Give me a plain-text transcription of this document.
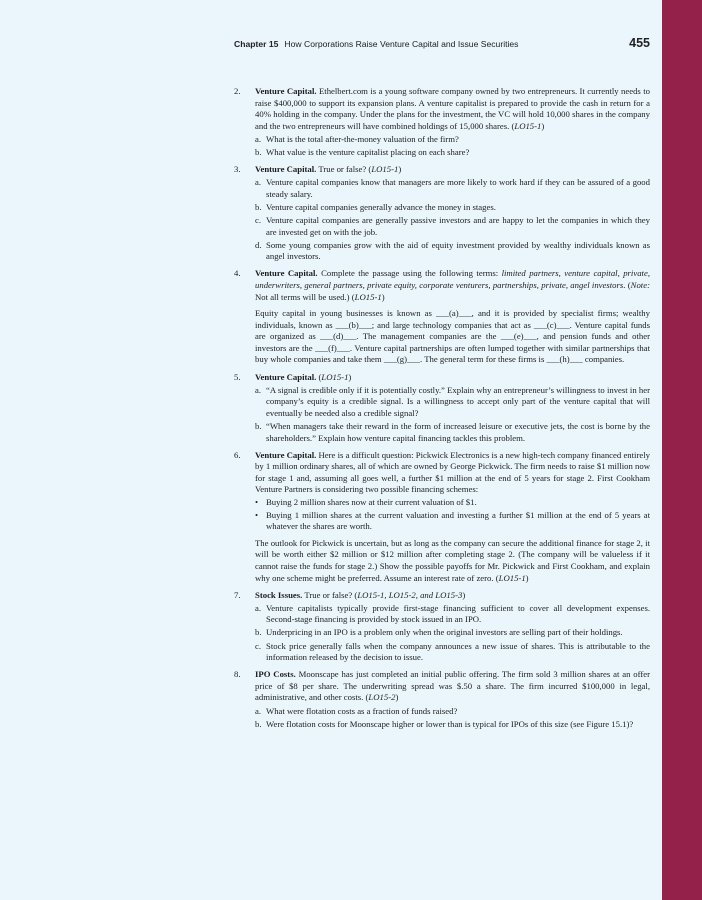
Chapter 15 How Corporations Raise Venture Capital and Issue Securities	455
2. Venture Capital. Ethelbert.com is a young software company owned by two entrepreneurs. It currently needs to raise $400,000 to support its expansion plans. A venture capitalist is prepared to provide the cash in return for a 40% holding in the company. Under the plans for the investment, the VC will hold 10,000 shares in the company and the two entrepreneurs will have combined holdings of 15,000 shares. (LO15-1)
a. What is the total after-the-money valuation of the firm?
b. What value is the venture capitalist placing on each share?
3. Venture Capital. True or false? (LO15-1)
a. Venture capital companies know that managers are more likely to work hard if they can be assured of a good steady salary.
b. Venture capital companies generally advance the money in stages.
c. Venture capital companies are generally passive investors and are happy to let the companies in which they are invested get on with the job.
d. Some young companies grow with the aid of equity investment provided by wealthy individuals known as angel investors.
4. Venture Capital. Complete the passage using the following terms: limited partners, venture capital, private, underwriters, general partners, private equity, corporate venturers, partnerships, private, angel investors. (Note: Not all terms will be used.) (LO15-1)
Equity capital in young businesses is known as ___(a)___, and it is provided by specialist firms; wealthy individuals, known as ___(b)___; and large technology companies that act as ___(c)___. Venture capital funds are organized as ___(d)___. The management companies are the ___(e)___, and pension funds and other investors are the ___(f)___. Venture capital partnerships are often lumped together with similar partnerships that buy whole companies and take them ___(g)___. The general term for these firms is ___(h)___ companies.
5. Venture Capital. (LO15-1)
a. “A signal is credible only if it is potentially costly.” Explain why an entrepreneur’s willingness to invest in her company’s equity is a credible signal. Is a willingness to accept only part of the venture capital that will eventually be needed also a credible signal?
b. “When managers take their reward in the form of increased leisure or executive jets, the cost is borne by the shareholders.” Explain how venture capital financing tackles this problem.
6. Venture Capital. Here is a difficult question: Pickwick Electronics is a new high-tech company financed entirely by 1 million ordinary shares, all of which are owned by George Pickwick. The firm needs to raise $1 million now for stage 1 and, assuming all goes well, a further $1 million at the end of 5 years for stage 2. First Cookham Venture Partners is considering two possible financing schemes:
• Buying 2 million shares now at their current valuation of $1.
• Buying 1 million shares at the current valuation and investing a further $1 million at the end of 5 years at whatever the shares are worth.
The outlook for Pickwick is uncertain, but as long as the company can secure the additional finance for stage 2, it will be worth either $2 million or $12 million after completing stage 2. (The company will be valueless if it cannot raise the funds for stage 2.) Show the possible payoffs for Mr. Pickwick and First Cookham, and explain why one scheme might be preferred. Assume an interest rate of zero. (LO15-1)
7. Stock Issues. True or false? (LO15-1, LO15-2, and LO15-3)
a. Venture capitalists typically provide first-stage financing sufficient to cover all development expenses. Second-stage financing is provided by stock issued in an IPO.
b. Underpricing in an IPO is a problem only when the original investors are selling part of their holdings.
c. Stock price generally falls when the company announces a new issue of shares. This is attributable to the information released by the decision to issue.
8. IPO Costs. Moonscape has just completed an initial public offering. The firm sold 3 million shares at an offer price of $8 per share. The underwriting spread was $.50 a share. The firm incurred $100,000 in legal, administrative, and other costs. (LO15-2)
a. What were flotation costs as a fraction of funds raised?
b. Were flotation costs for Moonscape higher or lower than is typical for IPOs of this size (see Figure 15.1)?
